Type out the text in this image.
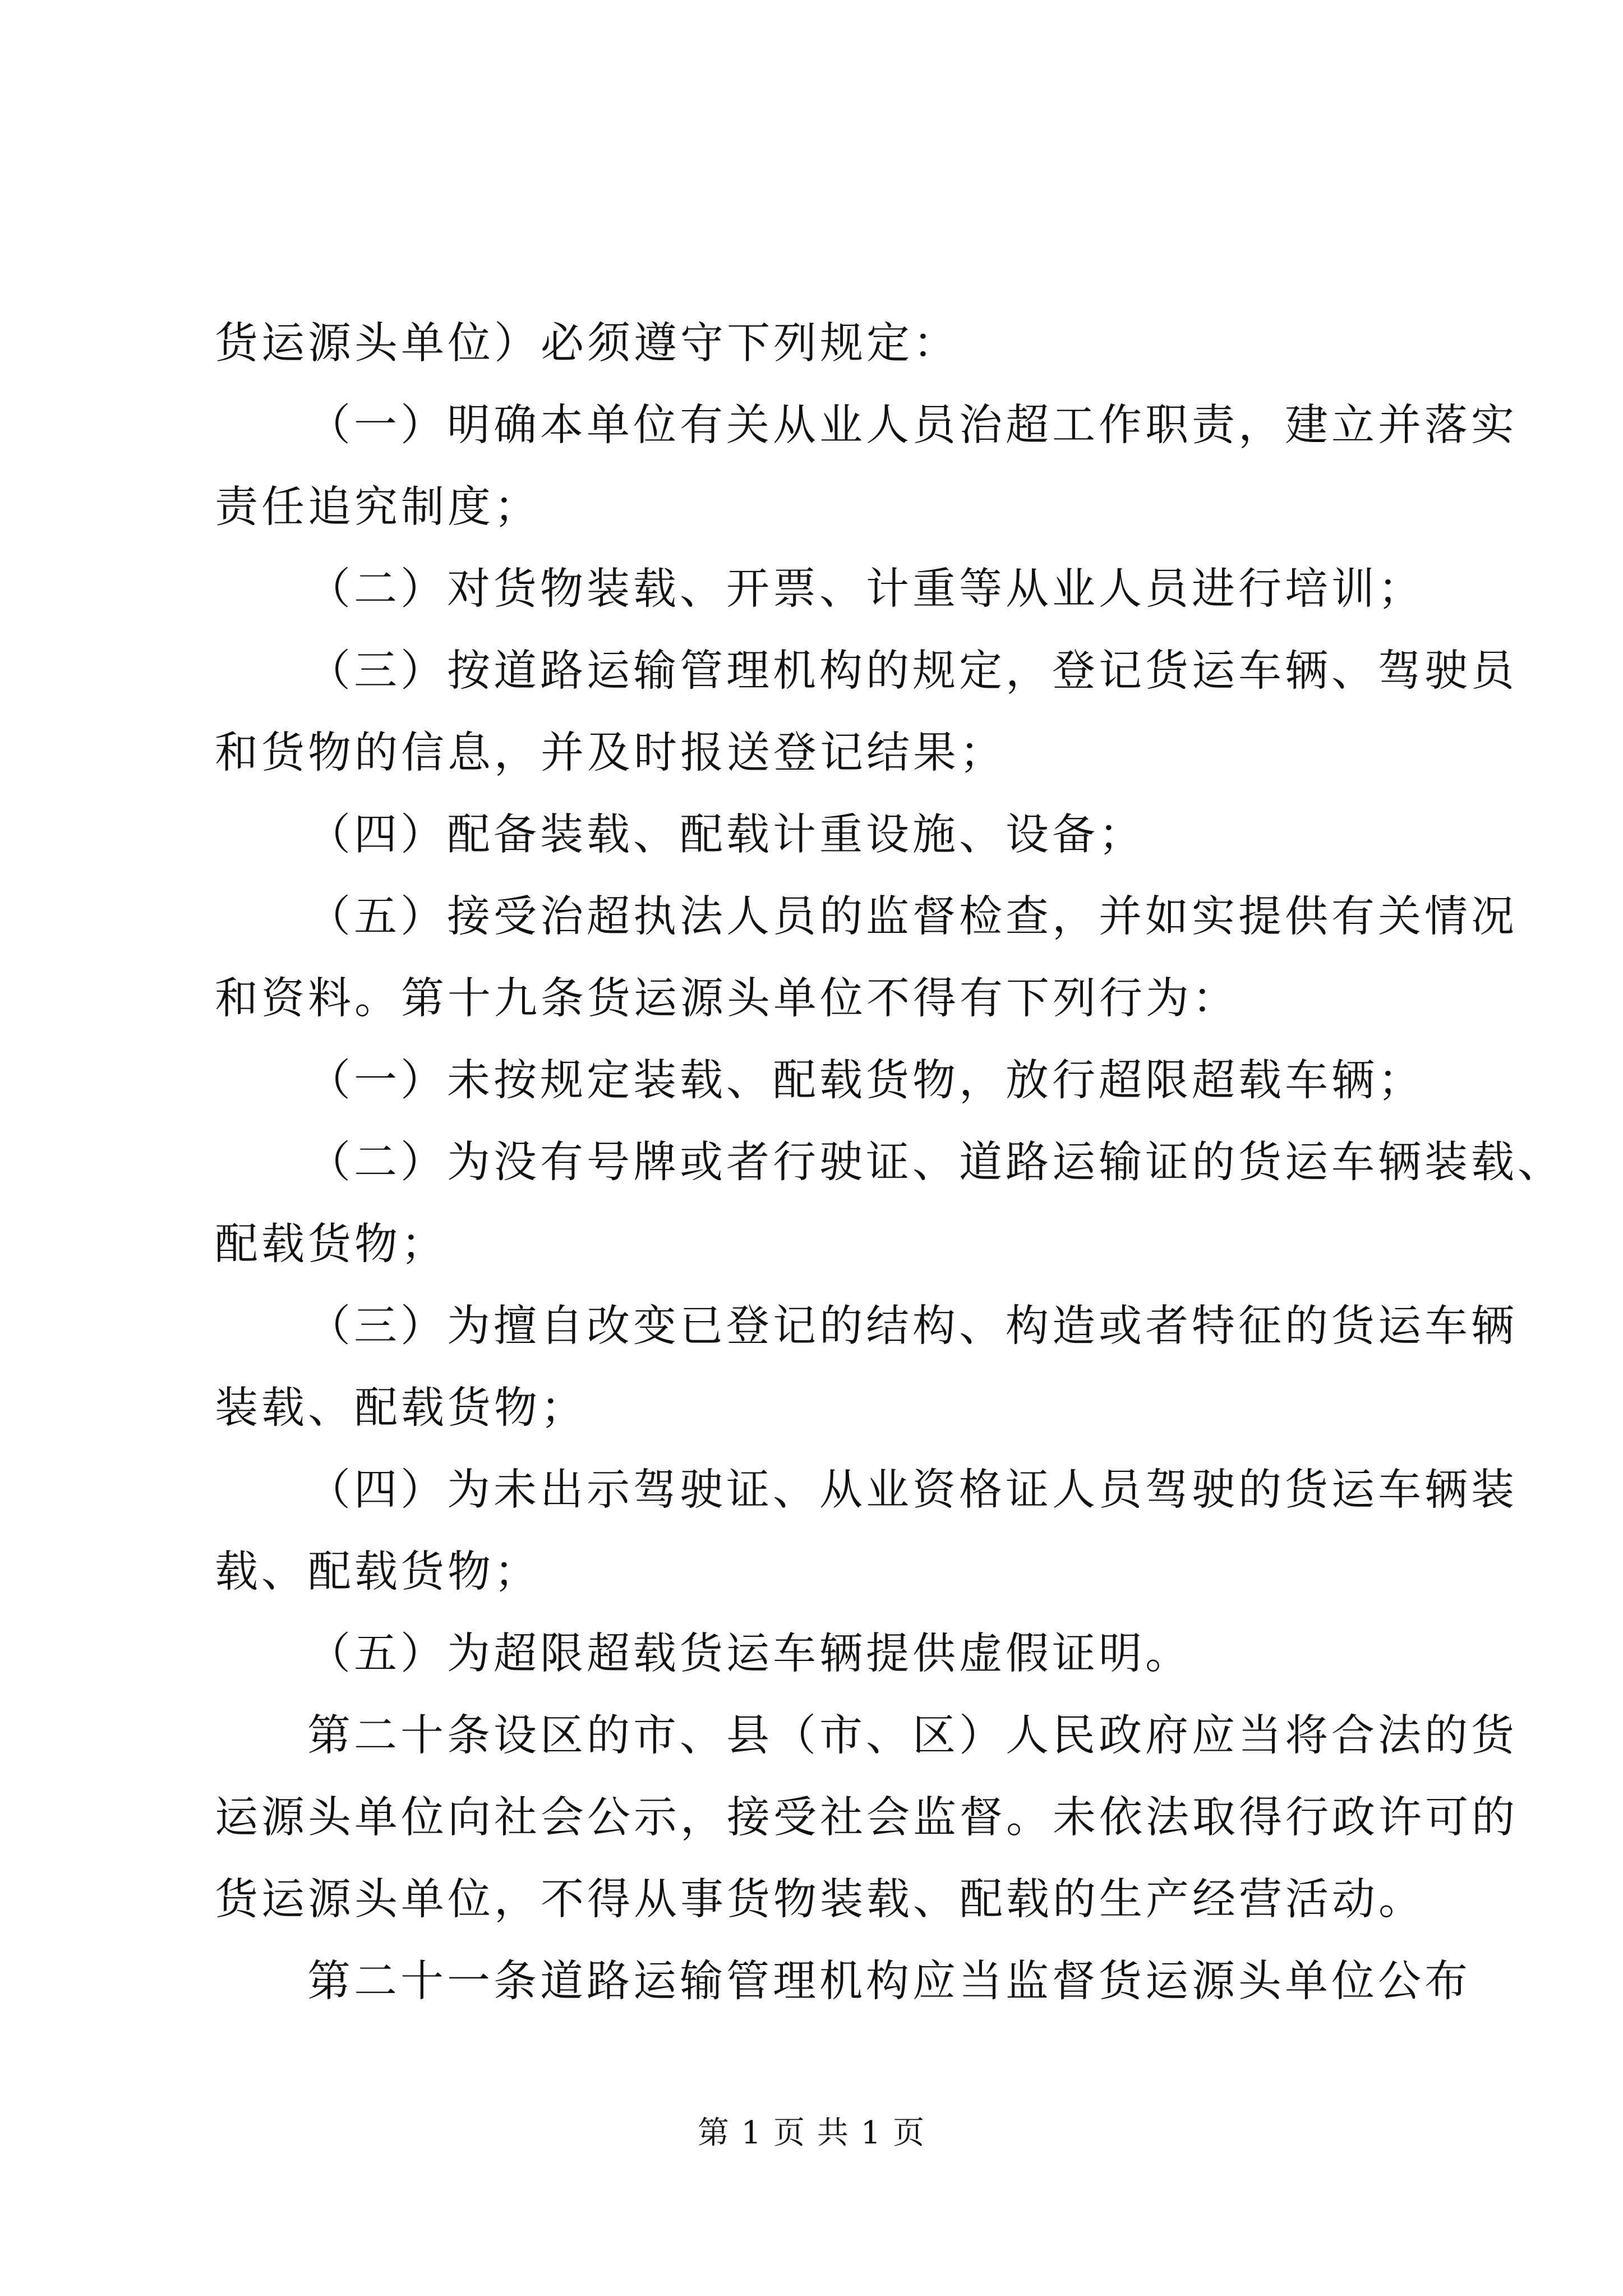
货运源头单位）必须遵守下列规定：
（一）明确本单位有关从业人员治超工作职责，建立并落实
责任追究制度；
（二）对货物装载、开票、计重等从业人员进行培训；
（三）按道路运输管理机构的规定，登记货运车辆、驾驶员
和货物的信息，并及时报送登记结果；
（四）配备装载、配载计重设施、设备；
（五）接受治超执法人员的监督检查，并如实提供有关情况
和资料。第十九条货运源头单位不得有下列行为：
（一）未按规定装载、配载货物，放行超限超载车辆；
（二）为没有号牌或者行驶证、道路运输证的货运车辆装载、
配载货物；
（三）为擅自改变已登记的结构、构造或者特征的货运车辆
装载、配载货物；
（四）为未出示驾驶证、从业资格证人员驾驶的货运车辆装
载、配载货物；
（五）为超限超载货运车辆提供虚假证明。
第二十条设区的市、县（市、区）人民政府应当将合法的货
运源头单位向社会公示，接受社会监督。未依法取得行政许可的
货运源头单位，不得从事货物装载、配载的生产经营活动。
第二十一条道路运输管理机构应当监督货运源头单位公布
第 1 页 共 1 页
